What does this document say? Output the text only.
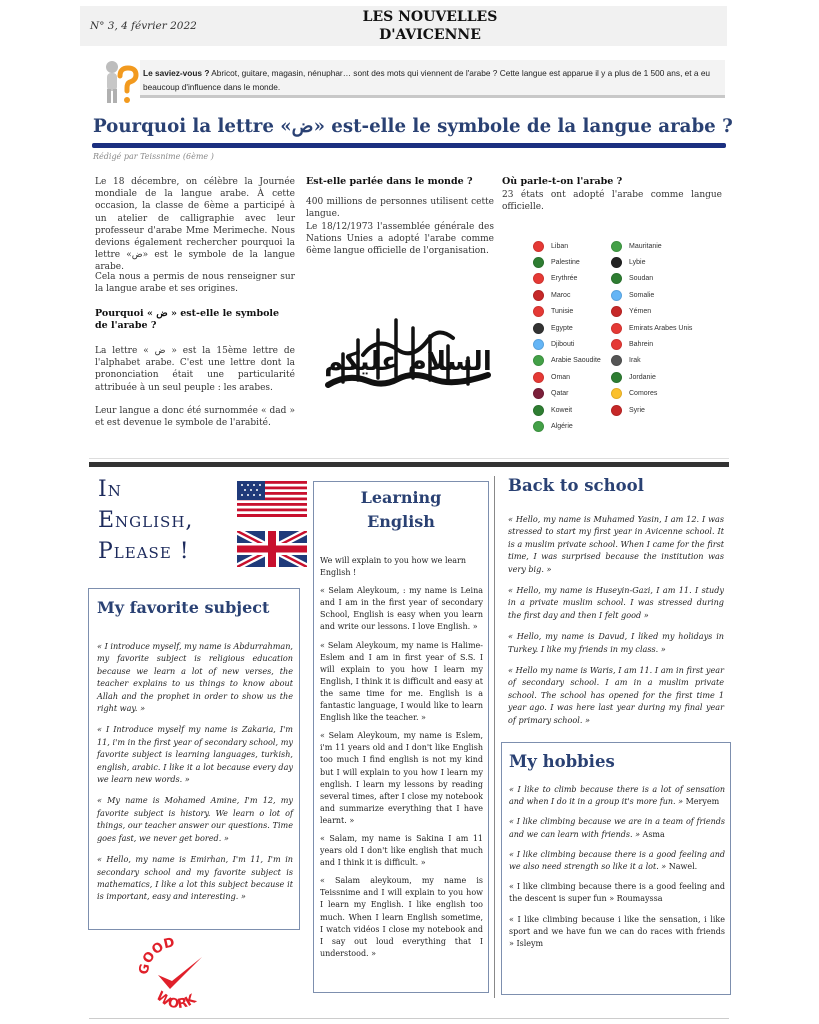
N° 3, 4 février 2022
LES NOUVELLES
D'AVICENNE
Le saviez-vous ? Abricot, guitare, magasin, nénuphar… sont des mots qui viennent de l'arabe ? Cette langue est apparue il y a plus de 1 500 ans, et a eu beaucoup d'influence dans le monde.
Pourquoi la lettre «ض» est-elle le symbole de la langue arabe ?
Rédigé par Teissnime (6ème )
Le 18 décembre, on célèbre la Journée mondiale de la langue arabe. À cette occasion, la classe de 6ème a participé à un atelier de calligraphie avec leur professeur d'arabe Mme Merimeche. Nous devions également rechercher pourquoi la lettre «ض» est le symbole de la langue arabe.
Cela nous a permis de nous renseigner sur la langue arabe et ses origines.
Pourquoi « ض » est-elle le symbole de l'arabe ?
La lettre « ض » est la 15ème lettre de l'alphabet arabe. C'est une lettre dont la prononciation était une particularité attribuée à un seul peuple : les arabes.
Leur langue a donc été surnommée « dad » et est devenue le symbole de l'arabité.
Est-elle parlée dans le monde ?
400 millions de personnes utilisent cette langue.
Le 18/12/1973 l'assemblée générale des Nations Unies a adopté l'arabe comme 6ème langue officielle de l'organisation.
السلام عليكم
Où parle-t-on l'arabe ?
23 états ont adopté l'arabe comme langue officielle.
Liban
Palestine
Erythrée
Maroc
Tunisie
Egypte
Djibouti
Arabie Saoudite
Oman
Qatar
Koweit
Algérie
Mauritanie
Lybie
Soudan
Somalie
Yémen
Emirats Arabes Unis
Bahrein
Irak
Jordanie
Comores
Syrie
In
English,
Please !
My favorite subject

« I introduce myself, my name is Abdurrahman, my favorite subject is religious education because we learn a lot of new verses, the teacher explains to us things to know about Allah and the prophet in order to show us the right way. »

« I Introduce myself my name is Zakaria, I'm 11, i'm in the first year of secondary school, my favorite subject is learning languages, turkish, english, arabic. I like it a lot because every day we learn new words. »

« My name is Mohamed Amine, I'm 12, my favorite subject is history. We learn o lot of things, our teacher answer our questions. Time goes fast, we never get bored. »

« Hello, my name is Emirhan, I'm 11, I'm in secondary school and my favorite subject is mathematics, I like a lot this subject because it is important, easy and interesting. »

GOOD
WORK
Learning
English

We will explain to you how we learn English !

« Selam Aleykoum, : my name is Leina and I am in the first year of secondary School, English is easy when you learn and write our lessons. I love English. »

« Selam Aleykoum, my name is Halime-Eslem and I am in first year of S.S. I will explain to you how I learn my English, I think it is difficult and easy at the same time for me. English is a fantastic language, I would like to learn English like the teacher. »

« Selam Aleykoum, my name is Eslem, i'm 11 years old and I don't like English too much I find english is not my kind but I will explain to you how I learn my english. I learn my lessons by reading several times, after I close my notebook and summarize everything that I have learnt. »

« Salam, my name is Sakina I am 11 years old I don't like english that much and I think it is difficult. »

« Salam aleykoum, my name is Teissnime and I will explain to you how I learn my English. I like english too much. When I learn English sometime, I watch vidéos I close my notebook and I say out loud everything that I understood. »

Back to school

« Hello, my name is Muhamed Yasin, I am 12. I was stressed to start my first year in Avicenne school. It is a muslim private school. When I came for the first time, I was surprised because the institution was very big. »

« Hello, my name is Huseyin-Gazi, I am 11. I study in a private muslim school. I was stressed during the first day and then I felt good »

« Hello, my name is Davud, I liked my holidays in Turkey. I like my friends in my class. »

« Hello my name is Waris, I am 11. I am in first year of secondary school. I am in a muslim private school. The school has opened for the first time 1 year ago. I was here last year during my final year of primary school. »

My hobbies

« I like to climb because there is a lot of sensation and when I do it in a group it's more fun. » Meryem

« I like climbing because we are in a team of friends and we can learn with friends. » Asma

« I like climbing because there is a good feeling and we also need strength so like it a lot. » Nawel.

« I like climbing because there is a good feeling and the descent is super fun » Roumayssa

« I like climbing because i like the sensation, i like sport and we have fun we can do races with friends » Isleym
